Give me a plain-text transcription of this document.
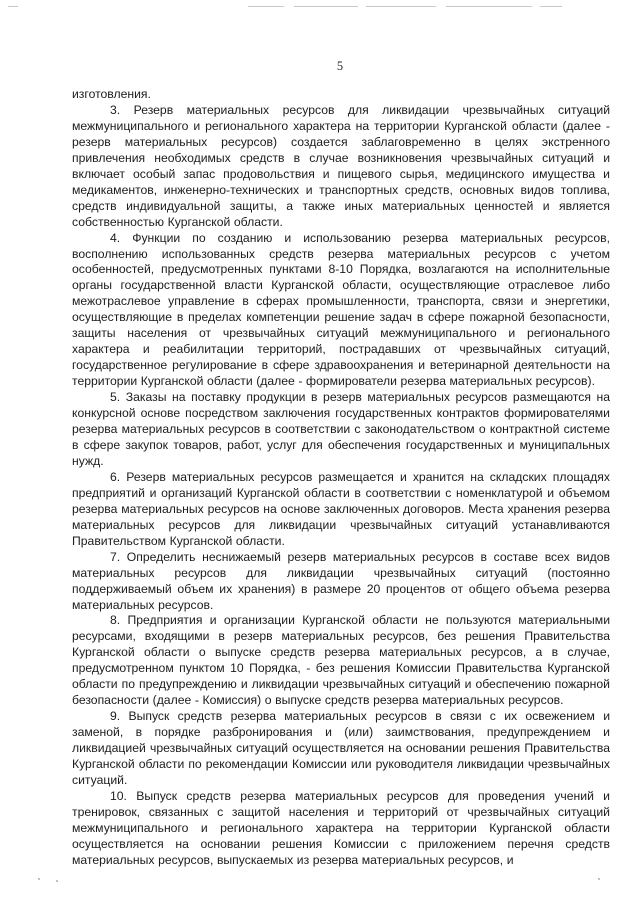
5

изготовления.

3. Резерв материальных ресурсов для ликвидации чрезвычайных ситуаций межмуниципального и регионального характера на территории Курганской области (далее - резерв материальных ресурсов) создается заблаговременно в целях экстренного привлечения необходимых средств в случае возникновения чрезвычайных ситуаций и включает особый запас продовольствия и пищевого сырья, медицинского имущества и медикаментов, инженерно-технических и транспортных средств, основных видов топлива, средств индивидуальной защиты, а также иных материальных ценностей и является собственностью Курганской области.

4. Функции по созданию и использованию резерва материальных ресурсов, восполнению использованных средств резерва материальных ресурсов с учетом особенностей, предусмотренных пунктами 8-10 Порядка, возлагаются на исполнительные органы государственной власти Курганской области, осуществляющие отраслевое либо межотраслевое управление в сферах промышленности, транспорта, связи и энергетики, осуществляющие в пределах компетенции решение задач в сфере пожарной безопасности, защиты населения от чрезвычайных ситуаций межмуниципального и регионального характера и реабилитации территорий, пострадавших от чрезвычайных ситуаций, государственное регулирование в сфере здравоохранения и ветеринарной деятельности на территории Курганской области (далее - формирователи резерва материальных ресурсов).

5. Заказы на поставку продукции в резерв материальных ресурсов размещаются на конкурсной основе посредством заключения государственных контрактов формирователями резерва материальных ресурсов в соответствии с законодательством о контрактной системе в сфере закупок товаров, работ, услуг для обеспечения государственных и муниципальных нужд.

6. Резерв материальных ресурсов размещается и хранится на складских площадях предприятий и организаций Курганской области в соответствии с номенклатурой и объемом резерва материальных ресурсов на основе заключенных договоров. Места хранения резерва материальных ресурсов для ликвидации чрезвычайных ситуаций устанавливаются Правительством Курганской области.

7. Определить неснижаемый резерв материальных ресурсов в составе всех видов материальных ресурсов для ликвидации чрезвычайных ситуаций (постоянно поддерживаемый объем их хранения) в размере 20 процентов от общего объема резерва материальных ресурсов.

8. Предприятия и организации Курганской области не пользуются материальными ресурсами, входящими в резерв материальных ресурсов, без решения Правительства Курганской области о выпуске средств резерва материальных ресурсов, а в случае, предусмотренном пунктом 10 Порядка, - без решения Комиссии Правительства Курганской области по предупреждению и ликвидации чрезвычайных ситуаций и обеспечению пожарной безопасности (далее - Комиссия) о выпуске средств резерва материальных ресурсов.

9. Выпуск средств резерва материальных ресурсов в связи с их освежением и заменой, в порядке разбронирования и (или) заимствования, предупреждением и ликвидацией чрезвычайных ситуаций осуществляется на основании решения Правительства Курганской области по рекомендации Комиссии или руководителя ликвидации чрезвычайных ситуаций.

10. Выпуск средств резерва материальных ресурсов для проведения учений и тренировок, связанных с защитой населения и территорий от чрезвычайных ситуаций межмуниципального и регионального характера на территории Курганской области осуществляется на основании решения Комиссии с приложением перечня средств материальных ресурсов, выпускаемых из резерва материальных ресурсов, и
